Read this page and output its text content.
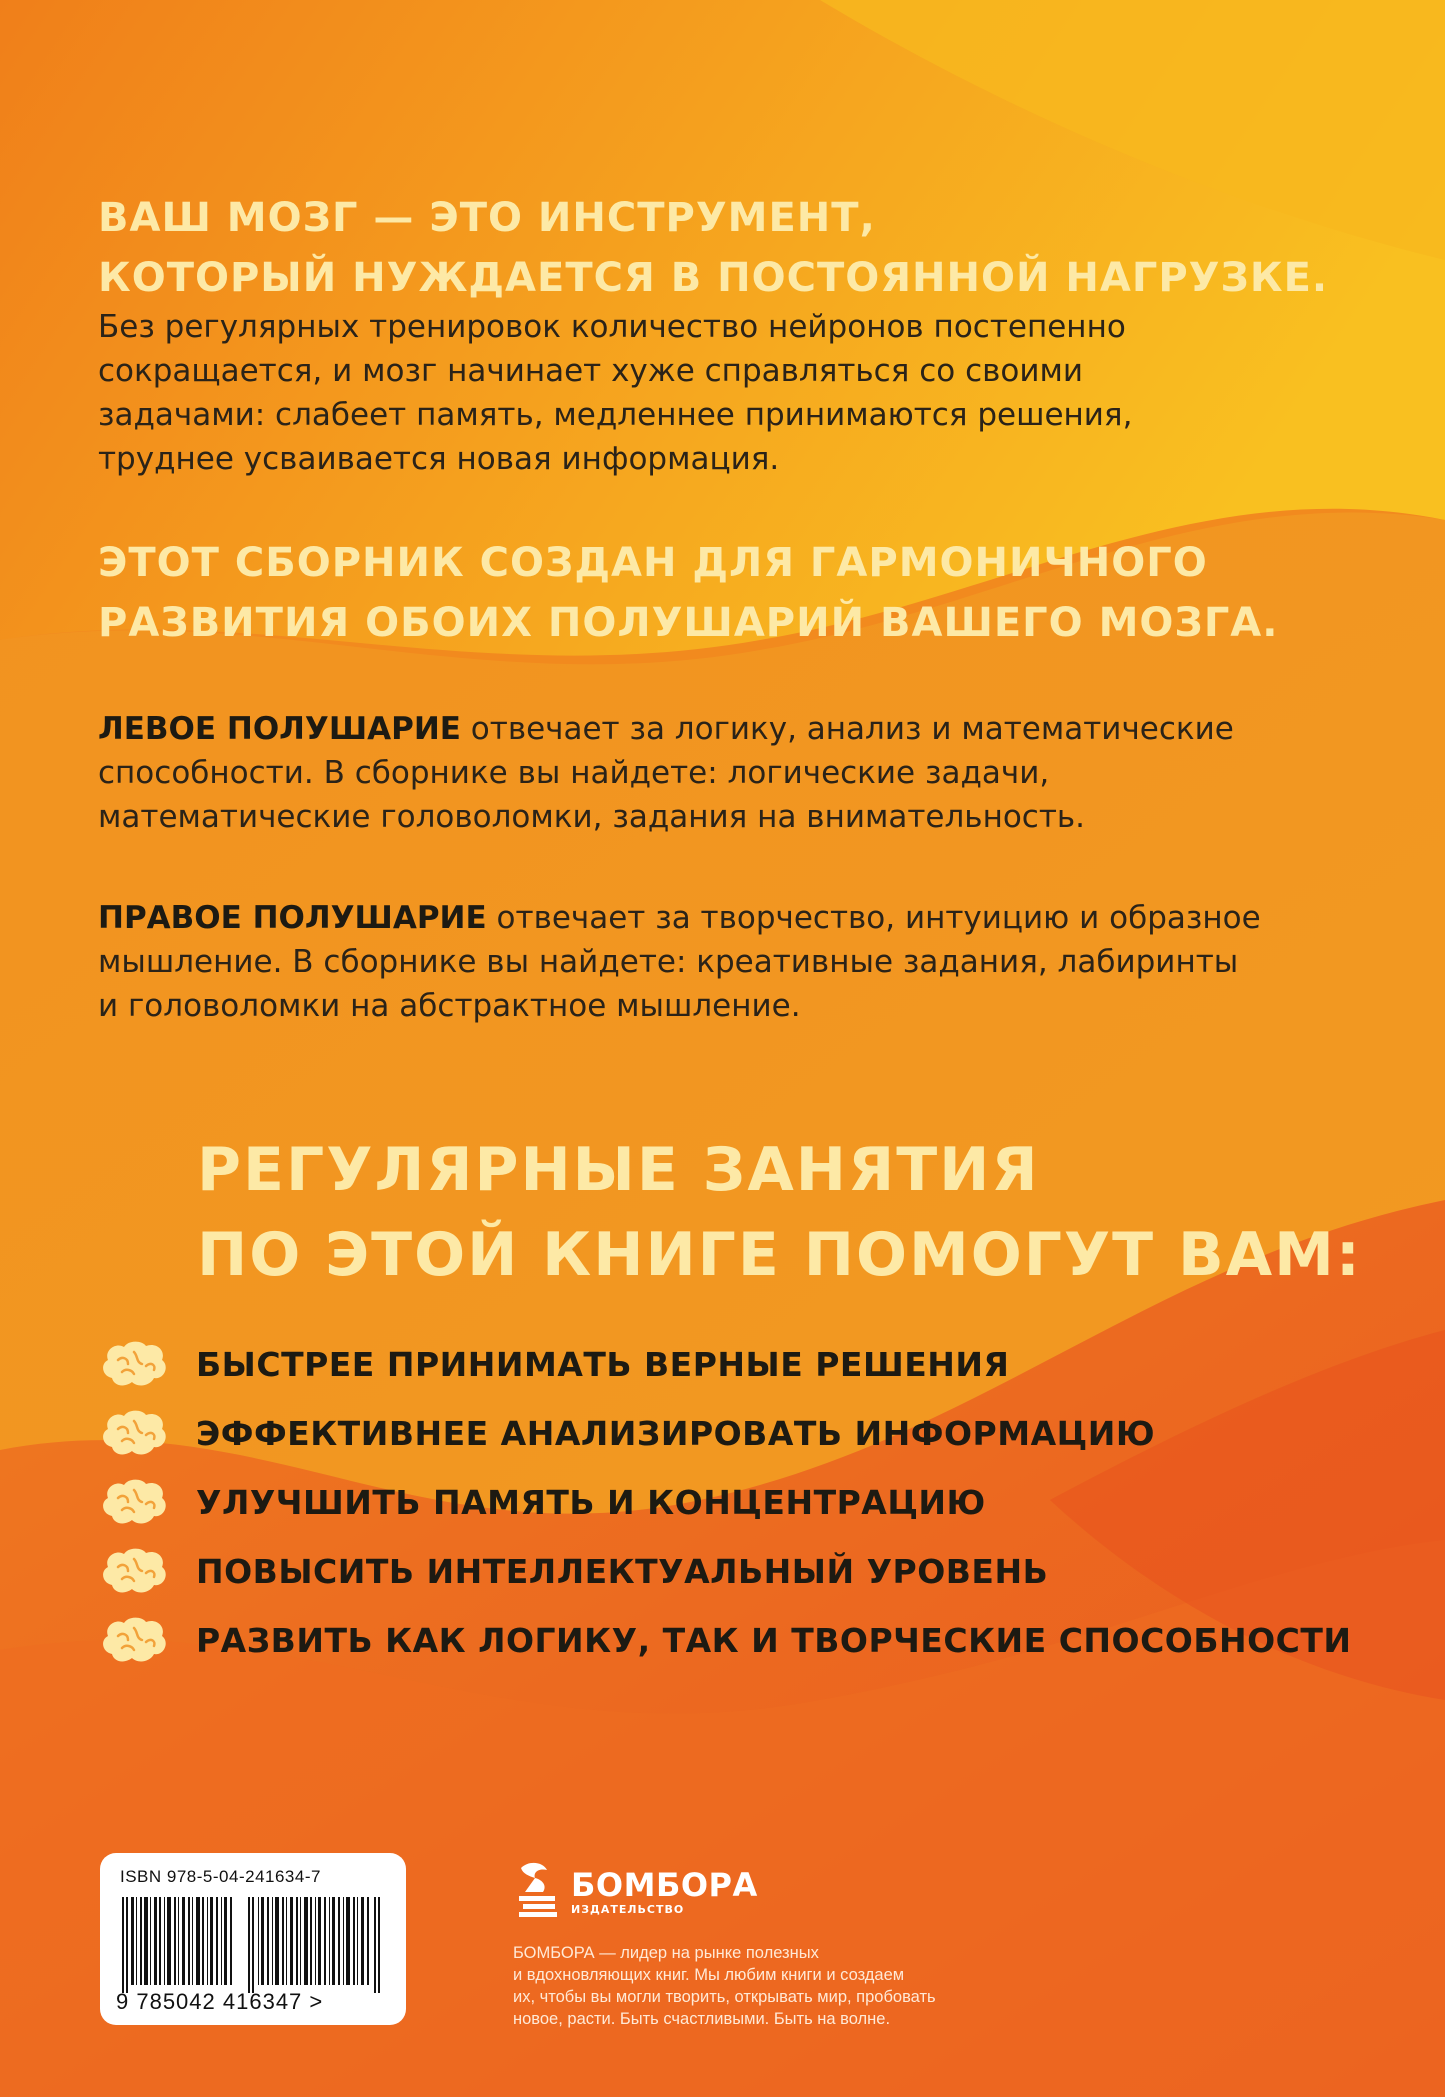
ВАШ МОЗГ — ЭТО ИНСТРУМЕНТ,
КОТОРЫЙ НУЖДАЕТСЯ В ПОСТОЯННОЙ НАГРУЗКЕ.
Без регулярных тренировок количество нейронов постепенно
сокращается, и мозг начинает хуже справляться со своими
задачами: слабеет память, медленнее принимаются решения,
труднее усваивается новая информация.
ЭТОТ СБОРНИК СОЗДАН ДЛЯ ГАРМОНИЧНОГО
РАЗВИТИЯ ОБОИХ ПОЛУШАРИЙ ВАШЕГО МОЗГА.
ЛЕВОЕ ПОЛУШАРИЕ отвечает за логику, анализ и математические
способности. В сборнике вы найдете: логические задачи,
математические головоломки, задания на внимательность.
ПРАВОЕ ПОЛУШАРИЕ отвечает за творчество, интуицию и образное
мышление. В сборнике вы найдете: креативные задания, лабиринты
и головоломки на абстрактное мышление.
РЕГУЛЯРНЫЕ ЗАНЯТИЯ
ПО ЭТОЙ КНИГЕ ПОМОГУТ ВАМ:
БЫСТРЕЕ ПРИНИМАТЬ ВЕРНЫЕ РЕШЕНИЯ
ЭФФЕКТИВНЕЕ АНАЛИЗИРОВАТЬ ИНФОРМАЦИЮ
УЛУЧШИТЬ ПАМЯТЬ И КОНЦЕНТРАЦИЮ
ПОВЫСИТЬ ИНТЕЛЛЕКТУАЛЬНЫЙ УРОВЕНЬ
РАЗВИТЬ КАК ЛОГИКУ, ТАК И ТВОРЧЕСКИЕ СПОСОБНОСТИ
ISBN 978-5-04-241634-7
9 785042 416347 >
БОМБОРА
ИЗДАТЕЛЬСТВО
БОМБОРА — лидер на рынке полезных
и вдохновляющих книг. Мы любим книги и создаем
их, чтобы вы могли творить, открывать мир, пробовать
новое, расти. Быть счастливыми. Быть на волне.
